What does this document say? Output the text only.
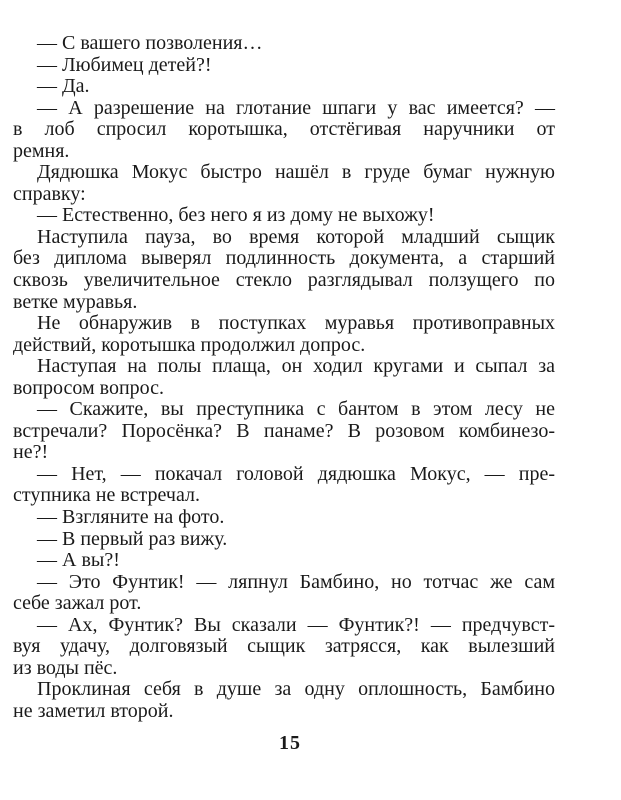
— С вашего позволения…
— Любимец детей?!
— Да.
— А разрешение на глотание шпаги у вас имеется? —
в лоб спросил коротышка, отстёгивая наручники от
ремня.
Дядюшка Мокус быстро нашёл в груде бумаг нужную
справку:
— Естественно, без него я из дому не выхожу!
Наступила пауза, во время которой младший сыщик
без диплома выверял подлинность документа, а старший
сквозь увеличительное стекло разглядывал ползущего по
ветке муравья.
Не обнаружив в поступках муравья противоправных
действий, коротышка продолжил допрос.
Наступая на полы плаща, он ходил кругами и сыпал за
вопросом вопрос.
— Скажите, вы преступника с бантом в этом лесу не
встречали? Поросёнка? В панаме? В розовом комбинезо-
не?!
— Нет, — покачал головой дядюшка Мокус, — пре-
ступника не встречал.
— Взгляните на фото.
— В первый раз вижу.
— А вы?!
— Это Фунтик! — ляпнул Бамбино, но тотчас же сам
себе зажал рот.
— Ах, Фунтик? Вы сказали — Фунтик?! — предчувст-
вуя удачу, долговязый сыщик затрясся, как вылезший
из воды пёс.
Проклиная себя в душе за одну оплошность, Бамбино
не заметил второй.
15
